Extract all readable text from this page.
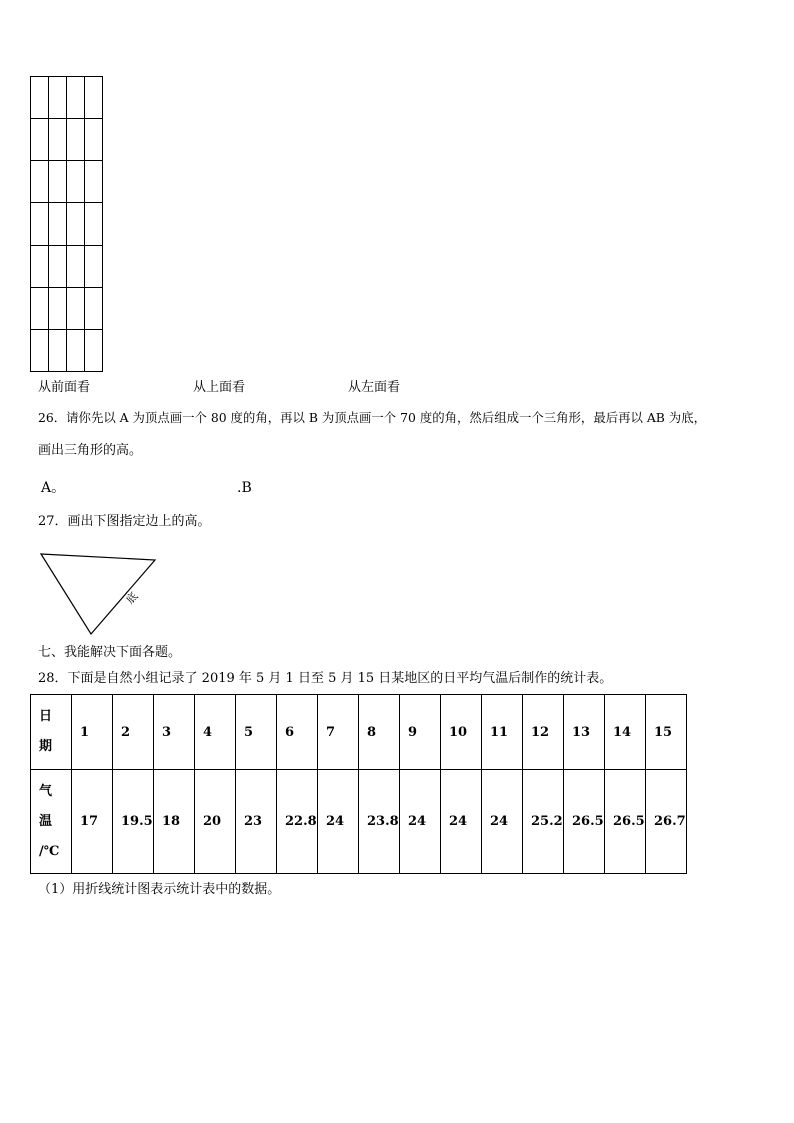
从前面看	从上面看	从左面看
26．请你先以 A 为顶点画一个 80 度的角，再以 B 为顶点画一个 70 度的角，然后组成一个三角形，最后再以 AB 为底，
画出三角形的高。
A。	.B
27．画出下图指定边上的高。
底
七、我能解决下面各题。
28．下面是自然小组记录了 2019 年 5 月 1 日至 5 月 15 日某地区的日平均气温后制作的统计表。
日
期	1	2	3	4	5	6	7	8	9	10	11	12	13	14	15

气
温
/℃	17	19.5	18	20	23	22.8	24	23.8	24	24	24	25.2	26.5	26.5	26.7
（1）用折线统计图表示统计表中的数据。
